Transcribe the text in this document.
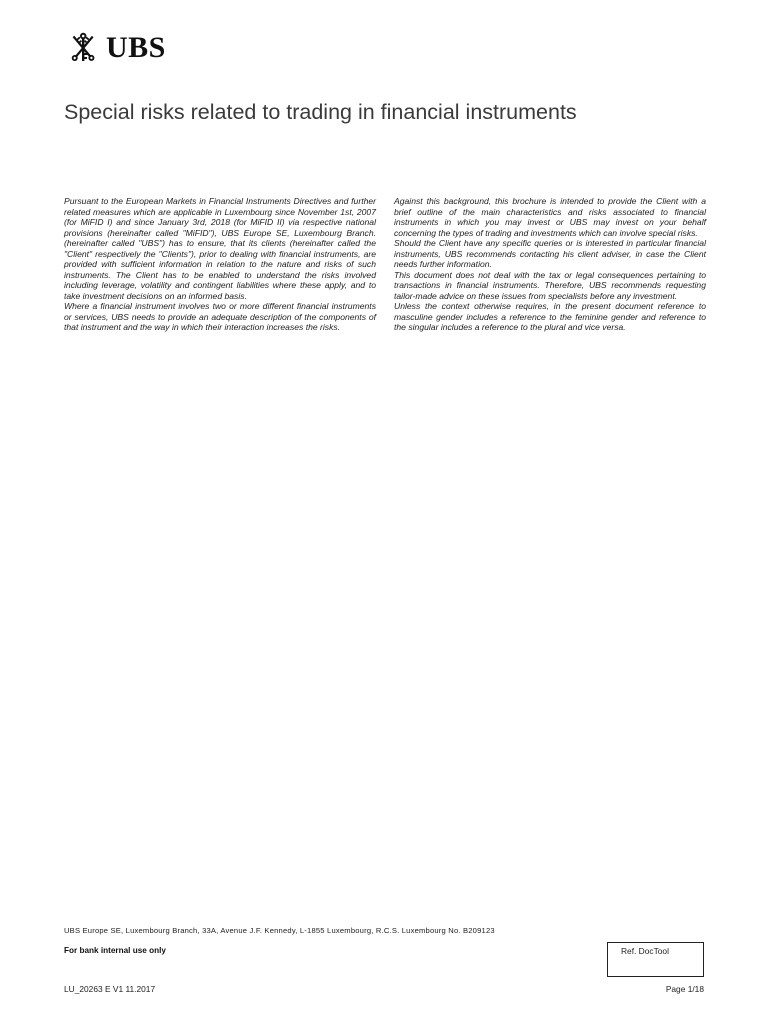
UBS
Special risks related to trading in financial instruments

Pursuant to the European Markets in Financial Instruments Directives and further related measures which are applicable in Luxembourg since November 1st, 2007 (for MiFID I) and since January 3rd, 2018 (for MiFID II) via respective national provisions (hereinafter called "MiFID"), UBS Europe SE, Luxembourg Branch. (hereinafter called "UBS") has to ensure, that its clients (hereinafter called the "Client" respectively the "Clients"), prior to dealing with financial instruments, are provided with sufficient information in relation to the nature and risks of such instruments. The Client has to be enabled to understand the risks involved including leverage, volatility and contingent liabilities where these apply, and to take investment decisions on an informed basis.

Where a financial instrument involves two or more different financial instruments or services, UBS needs to provide an adequate description of the components of that instrument and the way in which their interaction increases the risks.

Against this background, this brochure is intended to provide the Client with a brief outline of the main characteristics and risks associated to financial instruments in which you may invest or UBS may invest on your behalf concerning the types of trading and investments which can involve special risks.

Should the Client have any specific queries or is interested in particular financial instruments, UBS recommends contacting his client adviser, in case the Client needs further information.

This document does not deal with the tax or legal consequences pertaining to transactions in financial instruments. Therefore, UBS recommends requesting tailor-made advice on these issues from specialists before any investment.

Unless the context otherwise requires, in the present document reference to masculine gender includes a reference to the feminine gender and reference to the singular includes a reference to the plural and vice versa.

UBS Europe SE, Luxembourg Branch, 33A, Avenue J.F. Kennedy, L-1855 Luxembourg, R.C.S. Luxembourg No. B209123
For bank internal use only	Ref. DocTool
LU_20263 E V1 11.2017	Page 1/18
